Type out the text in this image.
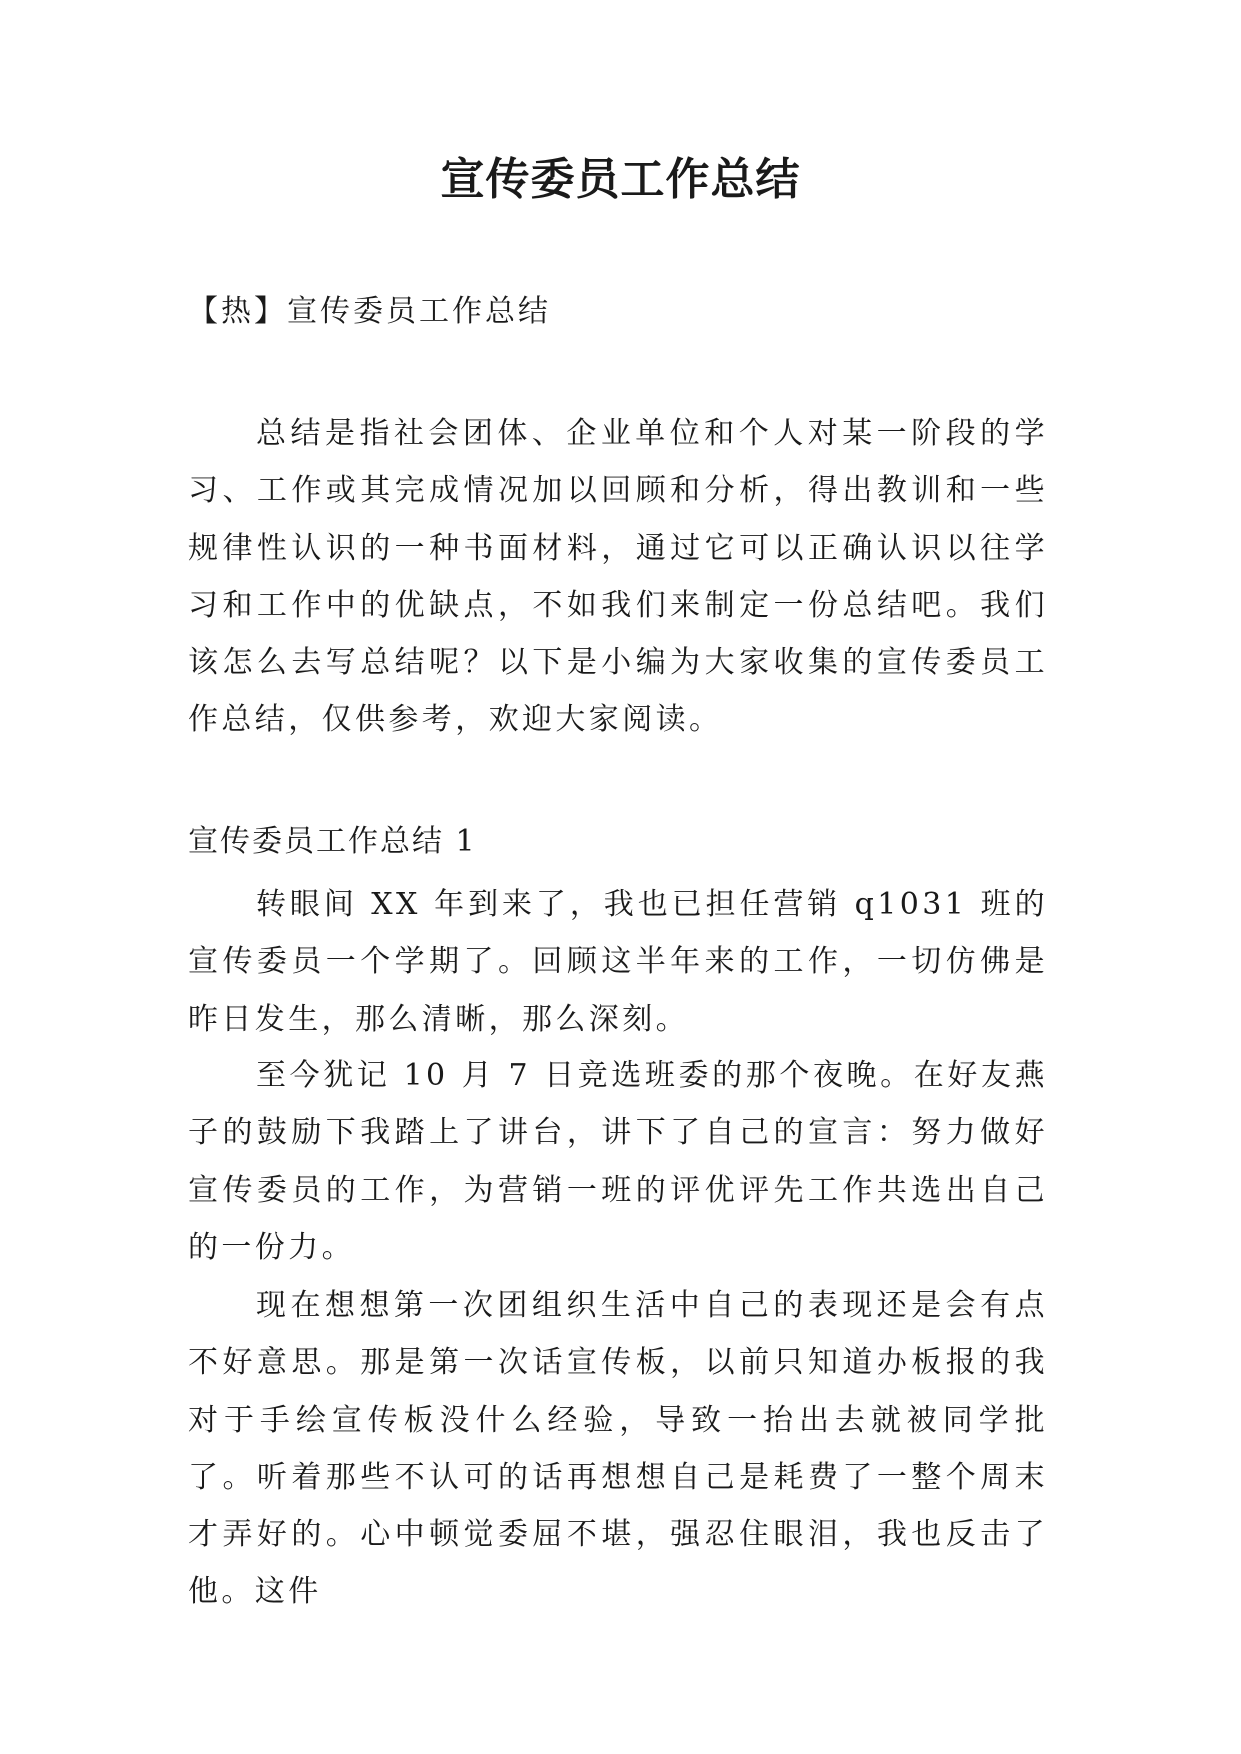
宣传委员工作总结

【热】宣传委员工作总结

总结是指社会团体、企业单位和个人对某一阶段的学习、工作或其完成情况加以回顾和分析，得出教训和一些规律性认识的一种书面材料，通过它可以正确认识以往学习和工作中的优缺点，不如我们来制定一份总结吧。我们该怎么去写总结呢？以下是小编为大家收集的宣传委员工作总结，仅供参考，欢迎大家阅读。

宣传委员工作总结 1

转眼间 XX 年到来了，我也已担任营销 q1031 班的宣传委员一个学期了。回顾这半年来的工作，一切仿佛是昨日发生，那么清晰，那么深刻。

至今犹记 10 月 7 日竞选班委的那个夜晚。在好友燕子的鼓励下我踏上了讲台，讲下了自己的宣言：努力做好宣传委员的工作，为营销一班的评优评先工作共选出自己的一份力。

现在想想第一次团组织生活中自己的表现还是会有点不好意思。那是第一次话宣传板，以前只知道办板报的我对于手绘宣传板没什么经验，导致一抬出去就被同学批了。听着那些不认可的话再想想自己是耗费了一整个周末才弄好的。心中顿觉委屈不堪，强忍住眼泪，我也反击了他。这件
